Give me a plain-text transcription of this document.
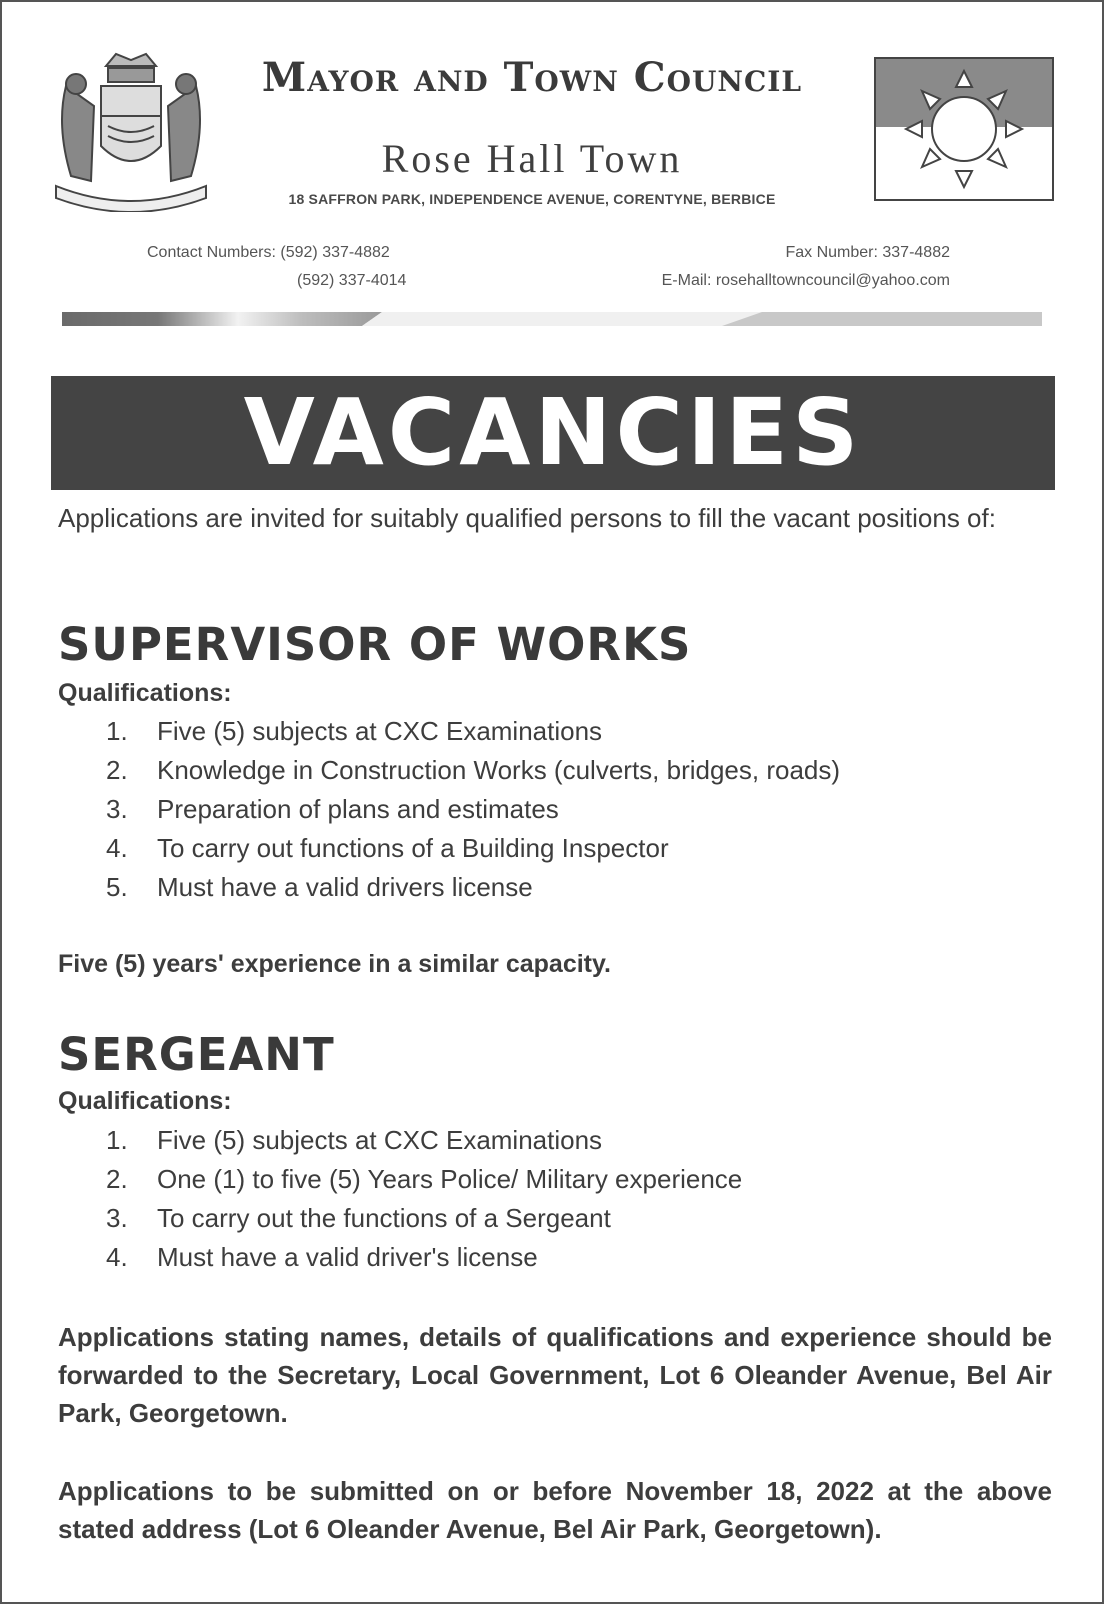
Mayor and Town Council
Rose Hall Town
18 SAFFRON PARK, INDEPENDENCE AVENUE, CORENTYNE, BERBICE
Contact Numbers: (592) 337-4882
(592) 337-4014
Fax Number: 337-4882
E-Mail: rosehalltowncouncil@yahoo.com
VACANCIES
Applications are invited for suitably qualified persons to fill the vacant positions of:
SUPERVISOR OF WORKS
Qualifications:
1.	Five (5) subjects at CXC Examinations
2.	Knowledge in Construction Works (culverts, bridges, roads)
3.	Preparation of plans and estimates
4.	To carry out functions of a Building Inspector
5.	Must have a valid drivers license
Five (5) years' experience in a similar capacity.
SERGEANT
Qualifications:
1.	Five (5) subjects at CXC Examinations
2.	One (1) to five (5) Years Police/ Military experience
3.	To carry out the functions of a Sergeant
4.	Must have a valid driver's license
Applications stating names, details of qualifications and experience should be forwarded to the Secretary, Local Government, Lot 6 Oleander Avenue, Bel Air Park, Georgetown.
Applications to be submitted on or before November 18, 2022 at the above stated address (Lot 6 Oleander Avenue, Bel Air Park, Georgetown).
